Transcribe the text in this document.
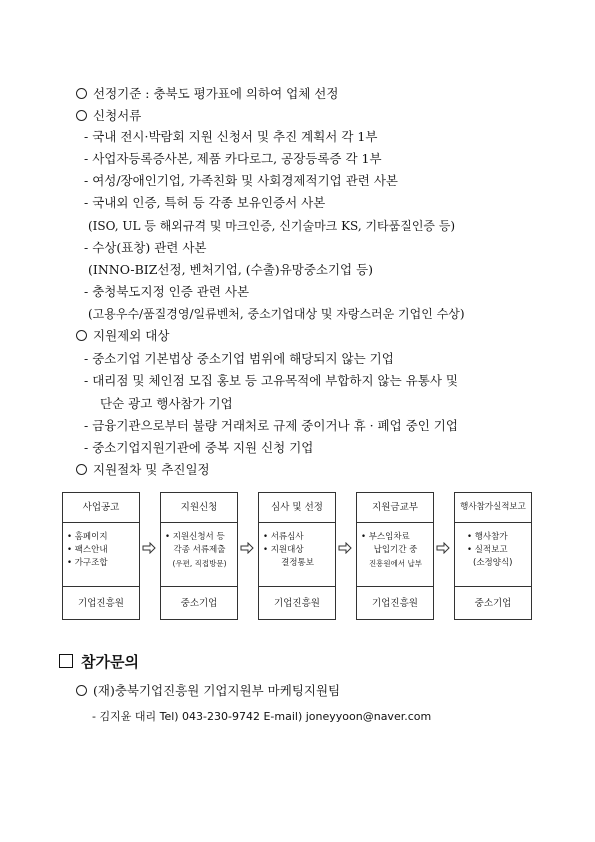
선정기준 : 충북도 평가표에 의하여 업체 선정
신청서류
- 국내 전시·박람회 지원 신청서 및 추진 계획서 각 1부
- 사업자등록증사본, 제품 카다로그, 공장등록증 각 1부
- 여성/장애인기업, 가족친화 및 사회경제적기업 관련 사본
- 국내외 인증, 특허 등 각종 보유인증서 사본
(ISO, UL 등 해외규격 및 마크인증, 신기술마크 KS, 기타품질인증 등)
- 수상(표창) 관련 사본
(INNO-BIZ선정, 벤처기업, (수출)유망중소기업 등)
- 충청북도지정 인증 관련 사본
(고용우수/품질경영/일류벤처, 중소기업대상 및 자랑스러운 기업인 수상)
지원제외 대상
- 중소기업 기본법상 중소기업 범위에 해당되지 않는 기업
- 대리점 및 체인점 모집 홍보 등 고유목적에 부합하지 않는 유통사 및
단순 광고 행사참가 기업
- 금융기관으로부터 불량 거래처로 규제 중이거나 휴 · 폐업 중인 기업
- 중소기업지원기관에 중복 지원 신청 기업
지원절차 및 추진일정
사업공고
• 홈페이지
• 팩스안내
• 가구조합
기업진흥원
지원신청
• 지원신청서 등
각종 서류제출
(우편, 직접방문)
중소기업
심사 및 선정
• 서류심사
• 지원대상
결정통보
기업진흥원
지원금교부
• 부스임차료
납입기간 중
진흥원에서 납부
기업진흥원
행사참가실적보고
• 행사참가
• 실적보고
(소정양식)
중소기업
참가문의
(재)충북기업진흥원 기업지원부 마케팅지원팀
- 김지윤 대리 Tel) 043-230-9742 E-mail) joneyyoon@naver.com
